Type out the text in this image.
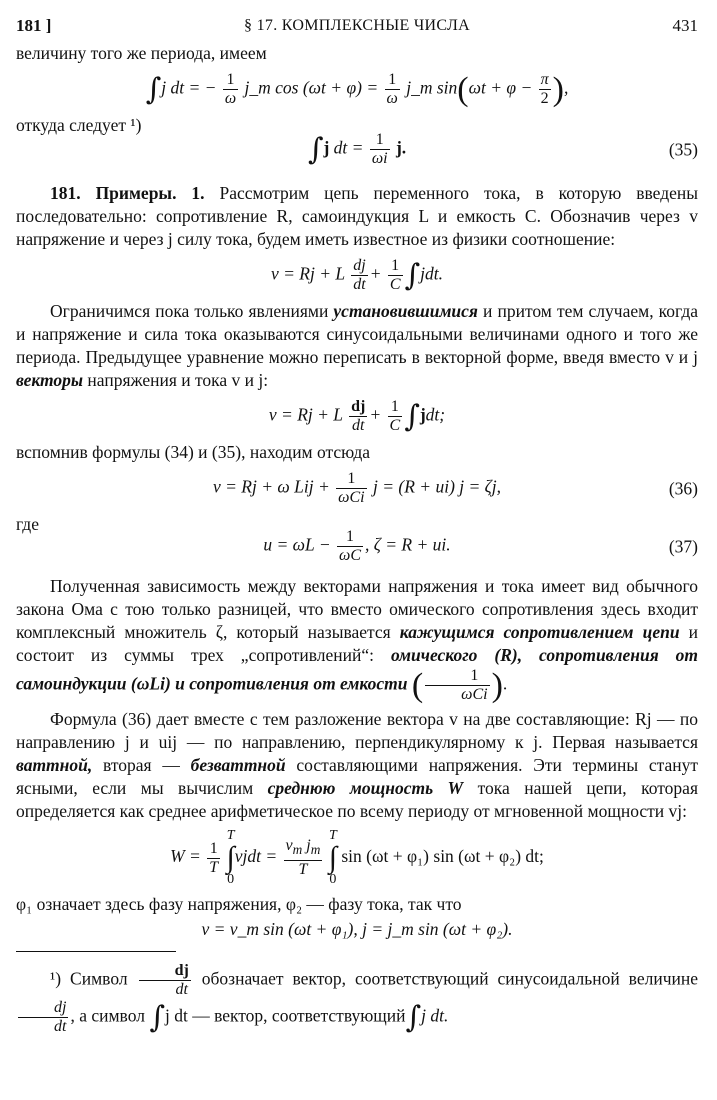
181 ]	§ 17. КОМПЛЕКСНЫЕ ЧИСЛА	431

величину того же периода, имеем

∫j dt = − $\frac{1}{\omega}$ j_m $\cos (\omega t + \varphi) = \frac{1}{\omega}$ j_m $\sin(\omega t + \varphi - \frac{\pi}{2}$ ),

откуда следует ¹)

∫j dt = $\frac{1}{\omega i} j$.	(35)

181. Примеры. 1. Рассмотрим цепь переменного тока, в которую введены последовательно: сопротивление R, самоиндукция L и емкость C. Обозначив через v напряжение и через j силу тока, будем иметь известное из физики соотношение:

v = Rj + L $\frac{dj}{dt} + \frac{1}{C} \int jdt$.

Ограничимся пока только явлениями установившимися и притом тем случаем, когда и напряжение и сила тока оказываются синусоидальными величинами одного и того же периода. Предыдущее уравнение можно переписать в векторной форме, введя вместо v и j векторы напряжения и тока v и j:

v = Rj + L $\frac{dj}{dt} + \frac{1}{C} \int jdt$;

вспомнив формулы (34) и (35), находим отсюда

v = Rj + ω Lij + $\frac{1}{\text{ωCi}}$ j = (R + ui) j = ζj,	(36)

где

$u = \omega L - \frac{1}{\omega C}$ , ζ = R + ui.	(37)

Полученная зависимость между векторами напряжения и тока имеет вид обычного закона Ома с тою только разницей, что вместо омического сопротивления здесь входит комплексный множитель ζ, который называется кажущимся сопротивлением цепи и состоит из суммы трех „сопротивлений“: омического (R), сопротивления от самоиндукции (ωLi) и сопротивления от емкости ( $\frac{1}{\text{ωCi}}$ ).

Формула (36) дает вместе с тем разложение вектора v на две составляющие: Rj — по направлению j и uij — по направлению, перпендикулярному к j. Первая называется ваттной, вторая — безваттной составляющими напряжения. Эти термины станут ясными, если мы вычислим среднюю мощность W тока нашей цепи, которая определяется как среднее арифметическое по всему периоду от мгновенной мощности vj:

$W = \frac{1}{T}$

T
∫
0
vjdt = $\frac{v_m j_m}{T}$

T
∫
0
sin (ωt + φ₁) sin (ωt + φ₂) dt;

φ₁ означает здесь фазу напряжения, φ₂ — фазу тока, так что

v = v_m sin (ωt + φ₁), j = j_m sin (ωt + φ₂).

¹) Символ $\frac{dj}{dt}$ обозначает вектор, соответствующий синусоидальной величине
$\frac{dj}{dt}$ , а символ ∫j dt — вектор, соответствующий∫j dt.
